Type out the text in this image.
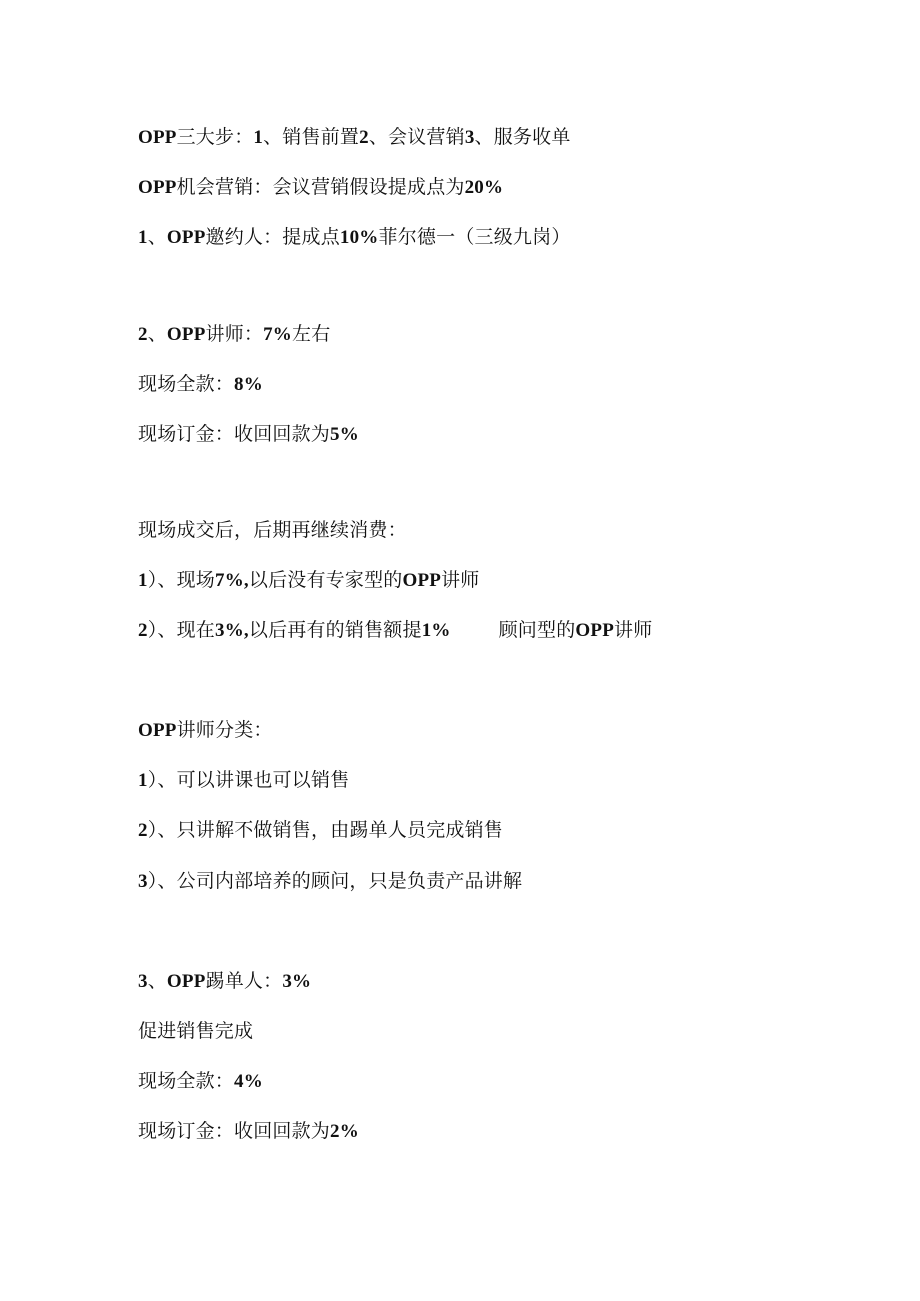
OPP三大步：1、销售前置2、会议营销3、服务收单
OPP机会营销：会议营销假设提成点为20%
1、OPP邀约人：提成点10%菲尔德一（三级九岗）
2、OPP讲师：7%左右
现场全款：8%
现场订金：收回回款为5%
现场成交后，后期再继续消费：
1）、现场7%,以后没有专家型的OPP讲师
2）、现在3%,以后再有的销售额提1%	顾问型的OPP讲师
OPP讲师分类：
1）、可以讲课也可以销售
2）、只讲解不做销售，由踢单人员完成销售
3）、公司内部培养的顾问，只是负责产品讲解
3、OPP踢单人：3%
促进销售完成
现场全款：4%
现场订金：收回回款为2%
